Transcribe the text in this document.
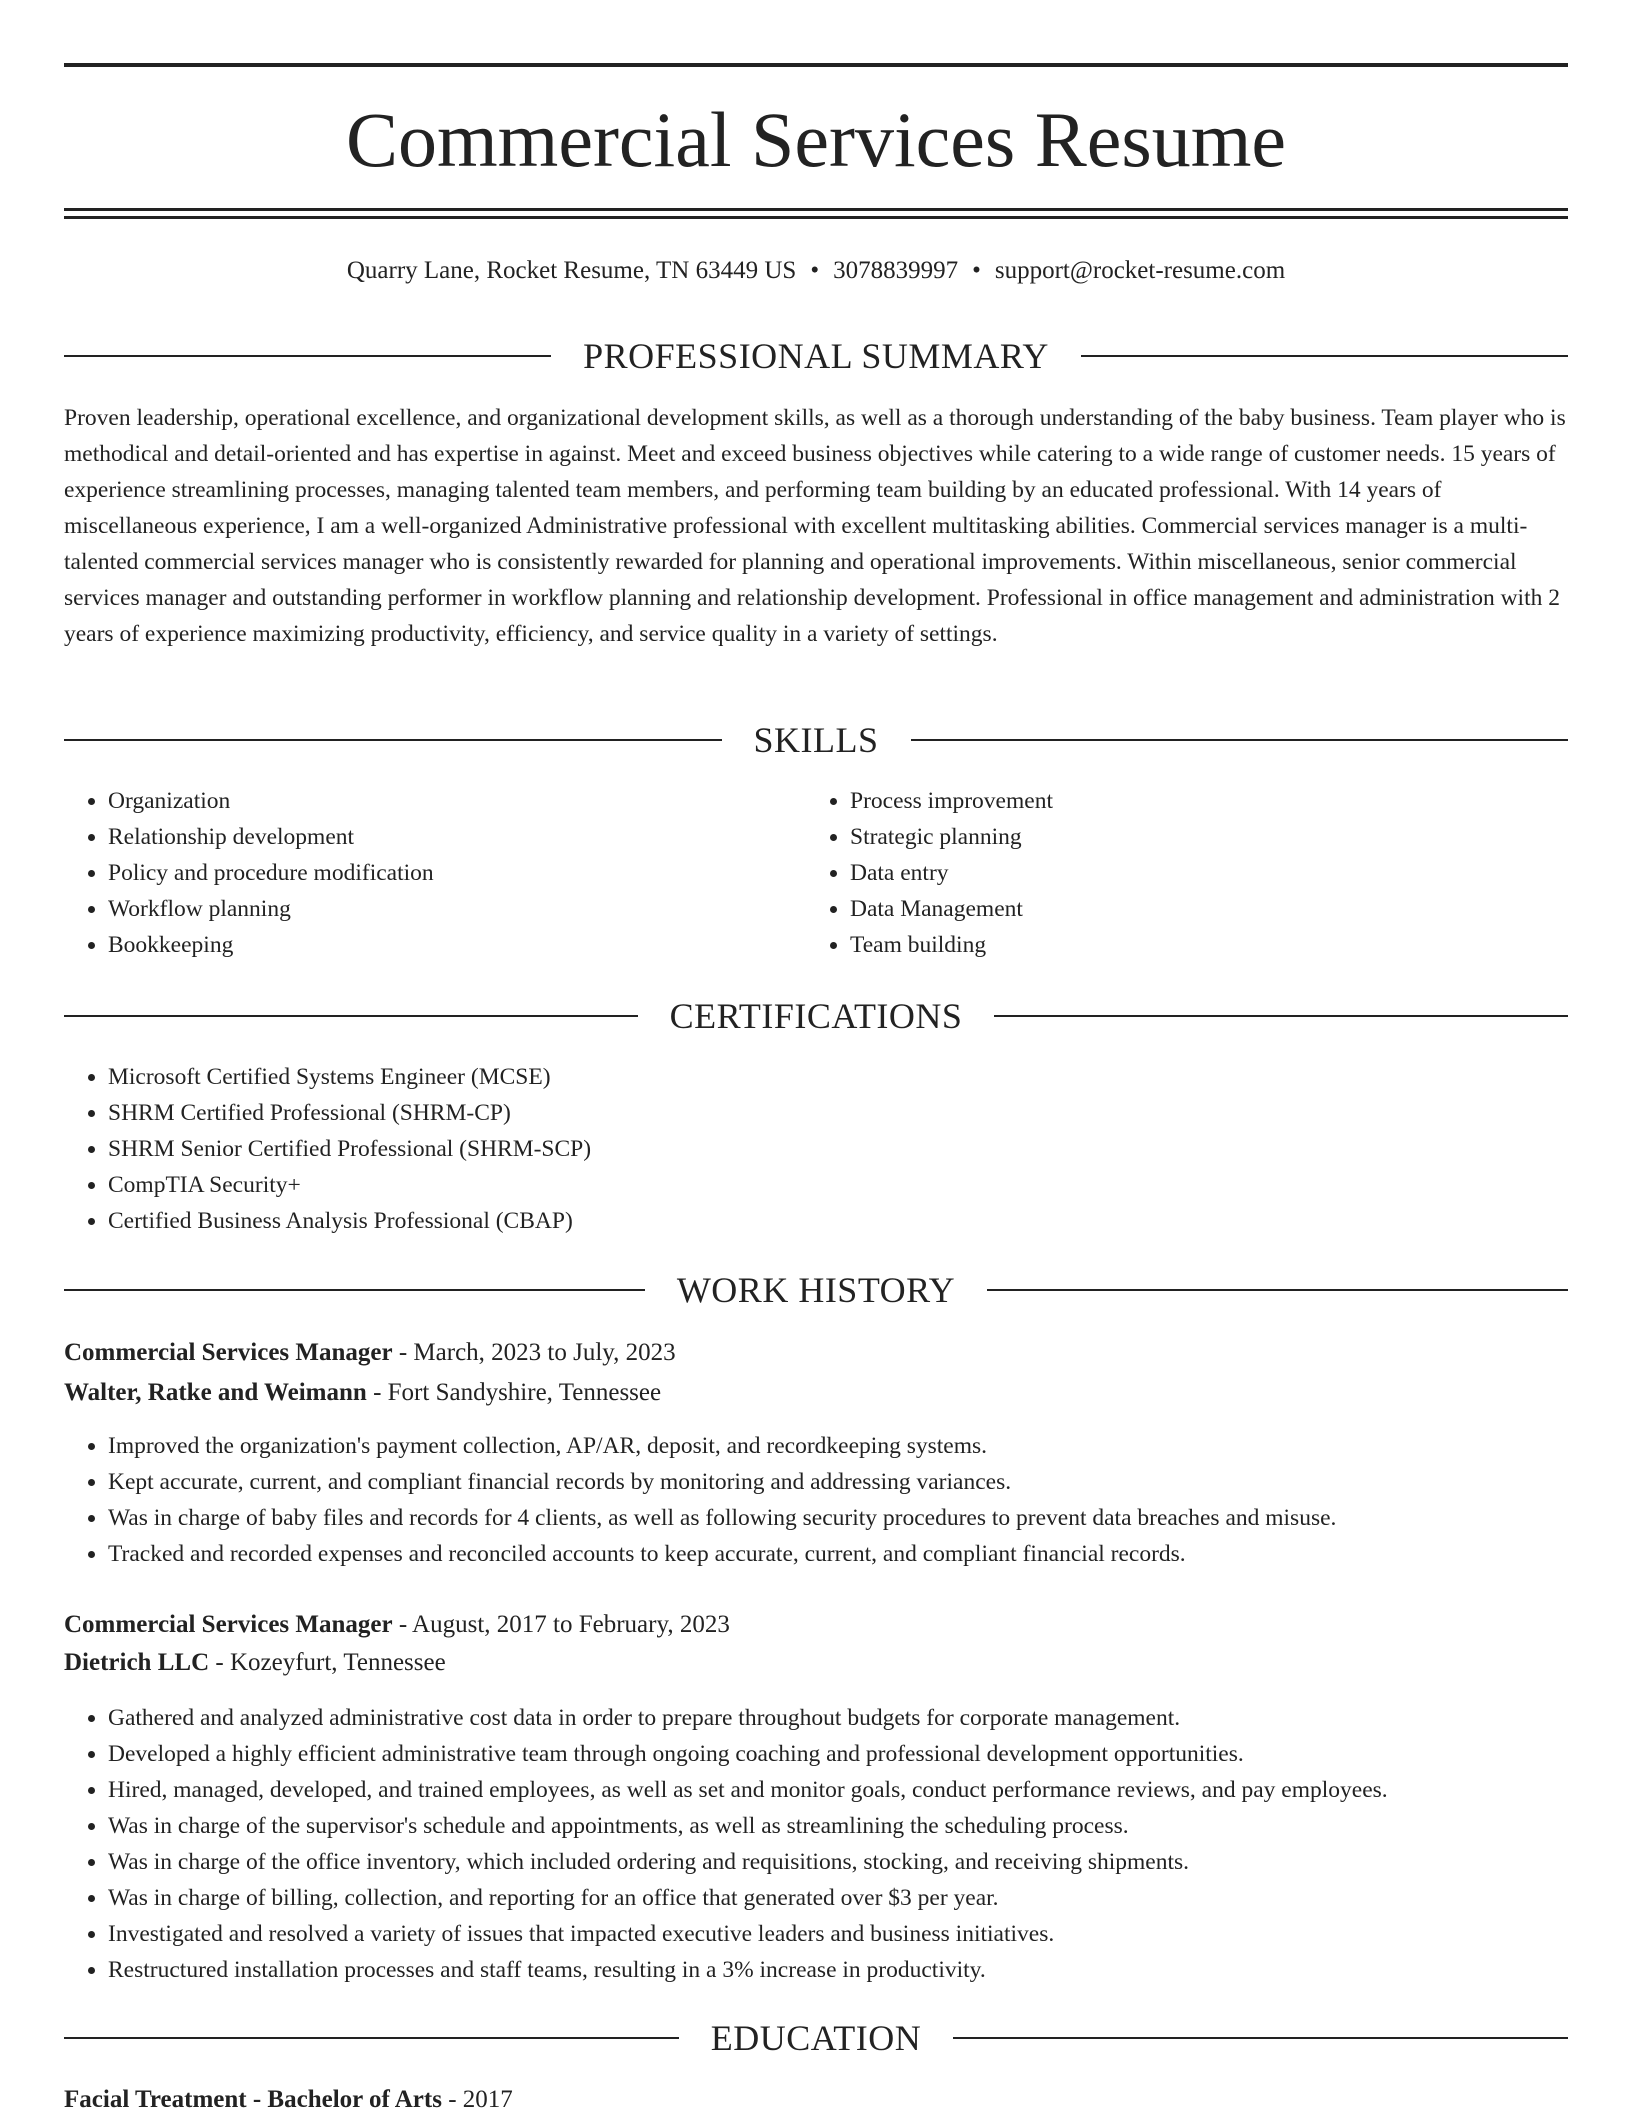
Commercial Services Resume
Quarry Lane, Rocket Resume, TN 63449 US • 3078839997 • support@rocket-resume.com
PROFESSIONAL SUMMARY

Proven leadership, operational excellence, and organizational development skills, as well as a thorough understanding of the baby business. Team player who is methodical and detail-oriented and has expertise in against. Meet and exceed business objectives while catering to a wide range of customer needs. 15 years of experience streamlining processes, managing talented team members, and performing team building by an educated professional. With 14 years of miscellaneous experience, I am a well-organized Administrative professional with excellent multitasking abilities. Commercial services manager is a multi-talented commercial services manager who is consistently rewarded for planning and operational improvements. Within miscellaneous, senior commercial services manager and outstanding performer in workflow planning and relationship development. Professional in office management and administration with 2 years of experience maximizing productivity, efficiency, and service quality in a variety of settings.

SKILLS
• Organization
• Relationship development
• Policy and procedure modification
• Workflow planning
• Bookkeeping
• Process improvement
• Strategic planning
• Data entry
• Data Management
• Team building
CERTIFICATIONS
• Microsoft Certified Systems Engineer (MCSE)
• SHRM Certified Professional (SHRM-CP)
• SHRM Senior Certified Professional (SHRM-SCP)
• CompTIA Security+
• Certified Business Analysis Professional (CBAP)
WORK HISTORY
Commercial Services Manager - March, 2023 to July, 2023
Walter, Ratke and Weimann - Fort Sandyshire, Tennessee
• Improved the organization's payment collection, AP/AR, deposit, and recordkeeping systems.
• Kept accurate, current, and compliant financial records by monitoring and addressing variances.
• Was in charge of baby files and records for 4 clients, as well as following security procedures to prevent data breaches and misuse.
• Tracked and recorded expenses and reconciled accounts to keep accurate, current, and compliant financial records.
Commercial Services Manager - August, 2017 to February, 2023
Dietrich LLC - Kozeyfurt, Tennessee
• Gathered and analyzed administrative cost data in order to prepare throughout budgets for corporate management.
• Developed a highly efficient administrative team through ongoing coaching and professional development opportunities.
• Hired, managed, developed, and trained employees, as well as set and monitor goals, conduct performance reviews, and pay employees.
• Was in charge of the supervisor's schedule and appointments, as well as streamlining the scheduling process.
• Was in charge of the office inventory, which included ordering and requisitions, stocking, and receiving shipments.
• Was in charge of billing, collection, and reporting for an office that generated over $3 per year.
• Investigated and resolved a variety of issues that impacted executive leaders and business initiatives.
• Restructured installation processes and staff teams, resulting in a 3% increase in productivity.
EDUCATION
Facial Treatment - Bachelor of Arts - 2017
